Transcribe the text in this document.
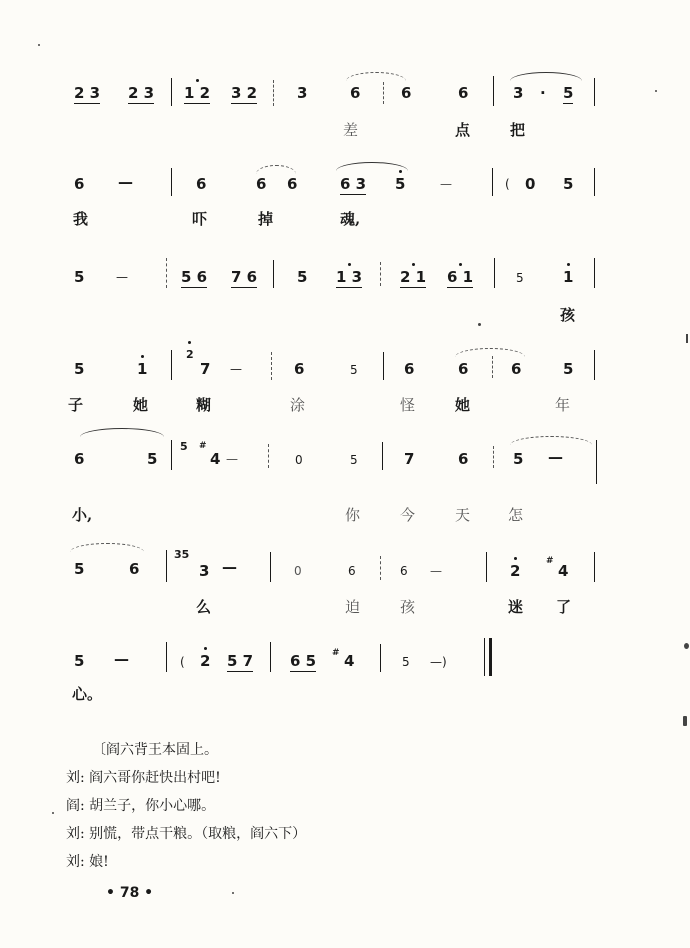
2 3 2 3 1 2 3 2	3	6	6	6	3 · 5
差	点	把
6 —	6	6 6	6 3 5	—	( 0 5
我	吓	掉	魂,
5	—	5 6 7 6	5 1 3	2 1 6 1	5	1
孩
5	1
2
7 —	6	5	6	6	6	5
子	她	糊	涂	怪	她	年
6	5
5 #
4 —	0	5	7	6	5 —
小,	你	今	天	怎
5	6
35
3 —	0	6	6 —	2
#
4
么	迫	孩	迷 了
5 —	( 2 5 7 6 5 # 4	5 —)
心。
〔阎六背王本固上。
刘: 阎六哥你赶快出村吧!
阎: 胡兰子，你小心哪。
刘: 别慌，带点干粮。（取粮，阎六下）
刘: 娘!
• 78 •
